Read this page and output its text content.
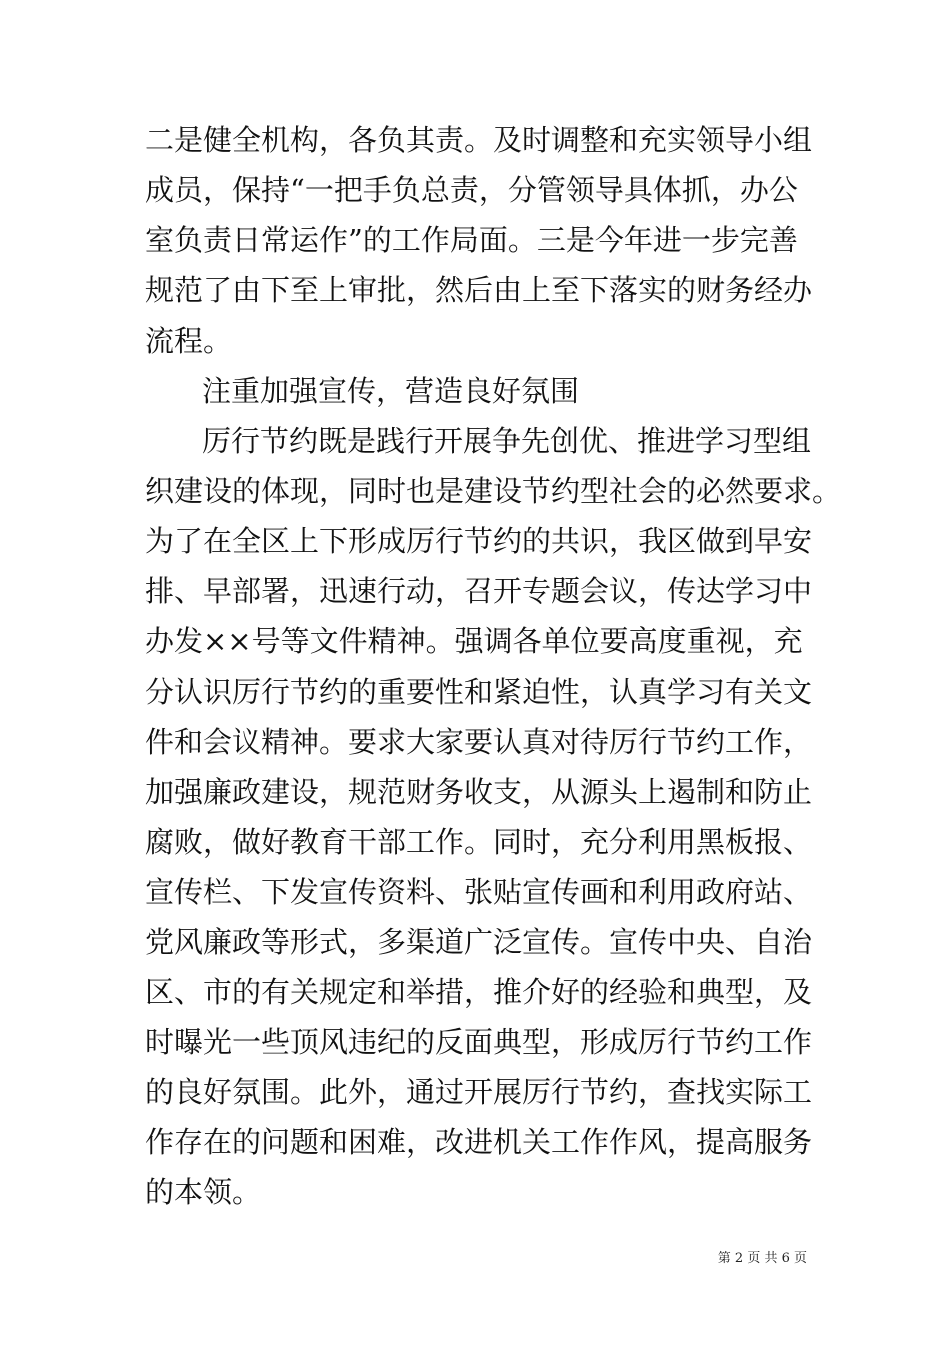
二是健全机构，各负其责。及时调整和充实领导小组
成员，保持“一把手负总责，分管领导具体抓，办公
室负责日常运作”的工作局面。三是今年进一步完善
规范了由下至上审批，然后由上至下落实的财务经办
流程。
注重加强宣传，营造良好氛围
厉行节约既是践行开展争先创优、推进学习型组
织建设的体现，同时也是建设节约型社会的必然要求。
为了在全区上下形成厉行节约的共识，我区做到早安
排、早部署，迅速行动，召开专题会议，传达学习中
办发××号等文件精神。强调各单位要高度重视，充
分认识厉行节约的重要性和紧迫性，认真学习有关文
件和会议精神。要求大家要认真对待厉行节约工作，
加强廉政建设，规范财务收支，从源头上遏制和防止
腐败，做好教育干部工作。同时，充分利用黑板报、
宣传栏、下发宣传资料、张贴宣传画和利用政府站、
党风廉政等形式，多渠道广泛宣传。宣传中央、自治
区、市的有关规定和举措，推介好的经验和典型，及
时曝光一些顶风违纪的反面典型，形成厉行节约工作
的良好氛围。此外，通过开展厉行节约，查找实际工
作存在的问题和困难，改进机关工作作风，提高服务
的本领。
第 2 页 共 6 页
